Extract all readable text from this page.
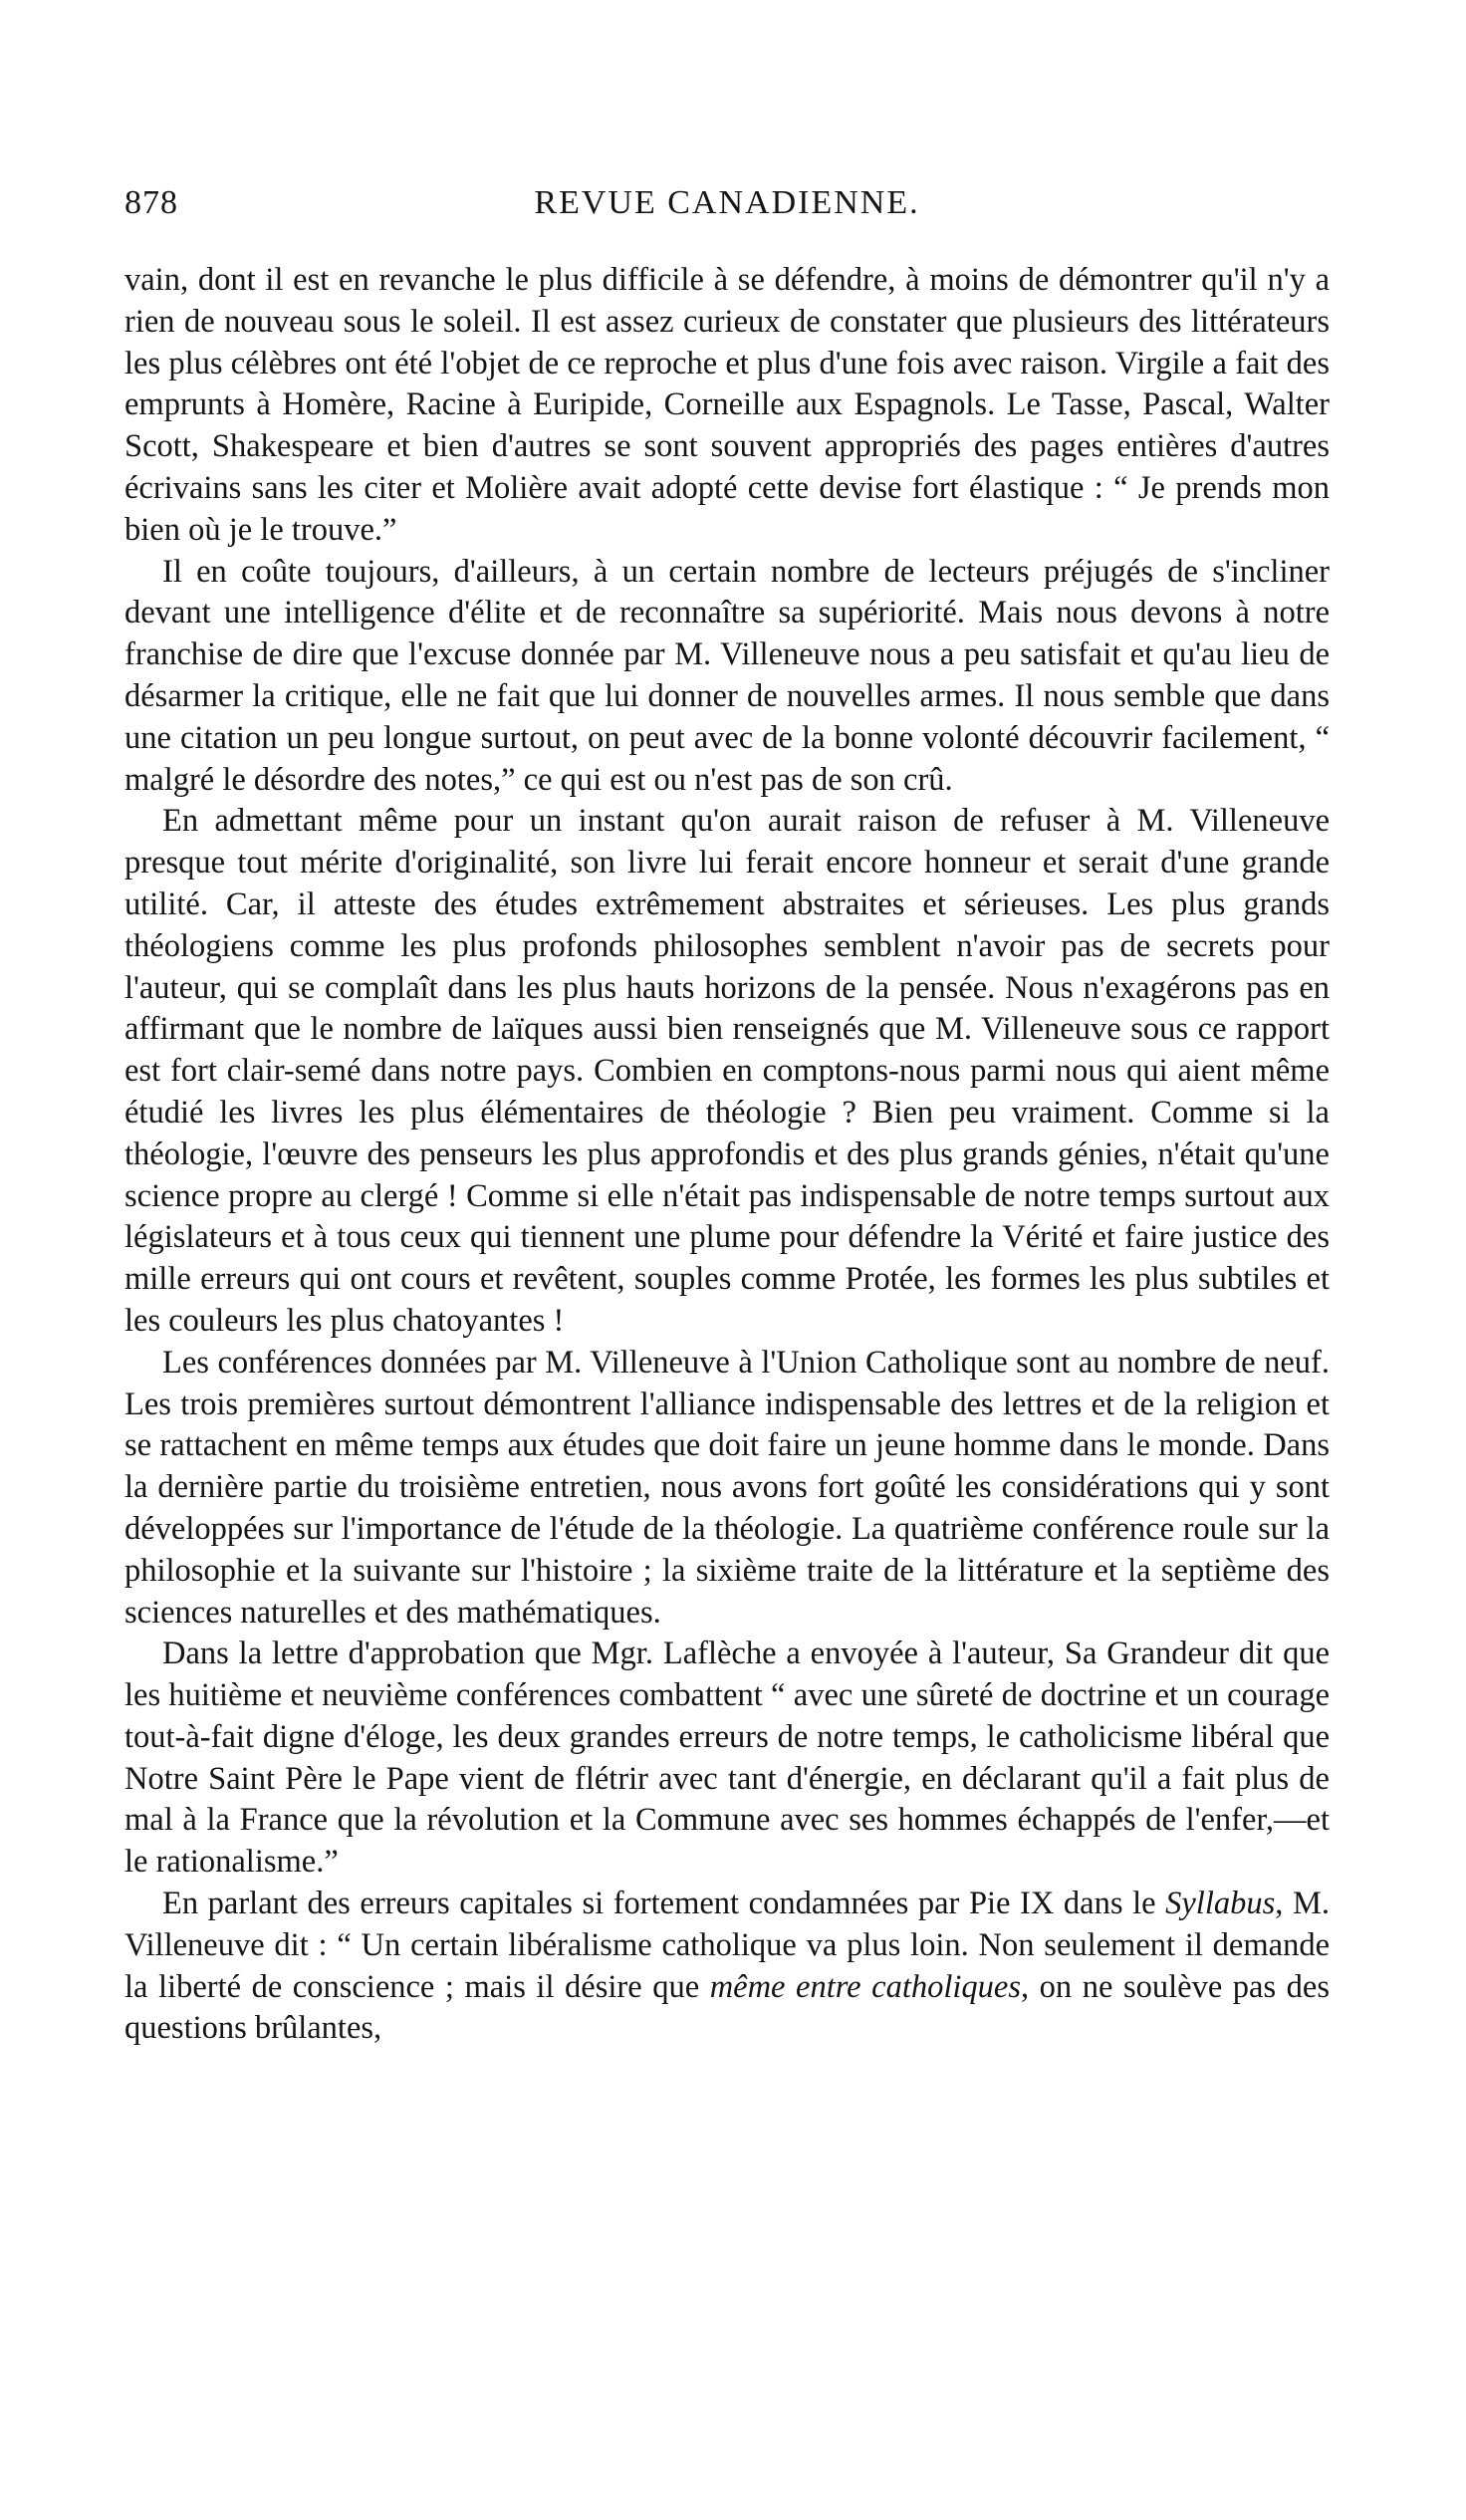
878	REVUE CANADIENNE.

vain, dont il est en revanche le plus difficile à se défendre, à moins de démontrer qu'il n'y a rien de nouveau sous le soleil. Il est assez curieux de constater que plusieurs des littérateurs les plus célèbres ont été l'objet de ce reproche et plus d'une fois avec raison. Virgile a fait des emprunts à Homère, Racine à Euripide, Corneille aux Espagnols. Le Tasse, Pascal, Walter Scott, Shakespeare et bien d'autres se sont souvent appropriés des pages entières d'autres écrivains sans les citer et Molière avait adopté cette devise fort élastique : “ Je prends mon bien où je le trouve.”

Il en coûte toujours, d'ailleurs, à un certain nombre de lecteurs préjugés de s'incliner devant une intelligence d'élite et de reconnaître sa supériorité. Mais nous devons à notre franchise de dire que l'excuse donnée par M. Villeneuve nous a peu satisfait et qu'au lieu de désarmer la critique, elle ne fait que lui donner de nouvelles armes. Il nous semble que dans une citation un peu longue surtout, on peut avec de la bonne volonté découvrir facilement, “ malgré le désordre des notes,” ce qui est ou n'est pas de son crû.

En admettant même pour un instant qu'on aurait raison de refuser à M. Villeneuve presque tout mérite d'originalité, son livre lui ferait encore honneur et serait d'une grande utilité. Car, il atteste des études extrêmement abstraites et sérieuses. Les plus grands théologiens comme les plus profonds philosophes semblent n'avoir pas de secrets pour l'auteur, qui se complaît dans les plus hauts horizons de la pensée. Nous n'exagérons pas en affirmant que le nombre de laïques aussi bien renseignés que M. Villeneuve sous ce rapport est fort clair-semé dans notre pays. Combien en comptons-nous parmi nous qui aient même étudié les livres les plus élémentaires de théologie ? Bien peu vraiment. Comme si la théologie, l'œuvre des penseurs les plus approfondis et des plus grands génies, n'était qu'une science propre au clergé ! Comme si elle n'était pas indispensable de notre temps surtout aux législateurs et à tous ceux qui tiennent une plume pour défendre la Vérité et faire justice des mille erreurs qui ont cours et revêtent, souples comme Protée, les formes les plus subtiles et les couleurs les plus chatoyantes !

Les conférences données par M. Villeneuve à l'Union Catholique sont au nombre de neuf. Les trois premières surtout démontrent l'alliance indispensable des lettres et de la religion et se rattachent en même temps aux études que doit faire un jeune homme dans le monde. Dans la dernière partie du troisième entretien, nous avons fort goûté les considérations qui y sont développées sur l'importance de l'étude de la théologie. La quatrième conférence roule sur la philosophie et la suivante sur l'histoire ; la sixième traite de la littérature et la septième des sciences naturelles et des mathématiques.

Dans la lettre d'approbation que Mgr. Laflèche a envoyée à l'auteur, Sa Grandeur dit que les huitième et neuvième conférences combattent “ avec une sûreté de doctrine et un courage tout-à-fait digne d'éloge, les deux grandes erreurs de notre temps, le catholicisme libéral que Notre Saint Père le Pape vient de flétrir avec tant d'énergie, en déclarant qu'il a fait plus de mal à la France que la révolution et la Commune avec ses hommes échappés de l'enfer,—et le rationalisme.”

En parlant des erreurs capitales si fortement condamnées par Pie IX dans le Syllabus, M. Villeneuve dit : “ Un certain libéralisme catholique va plus loin. Non seulement il demande la liberté de conscience ; mais il désire que même entre catholiques, on ne soulève pas des questions brûlantes,
